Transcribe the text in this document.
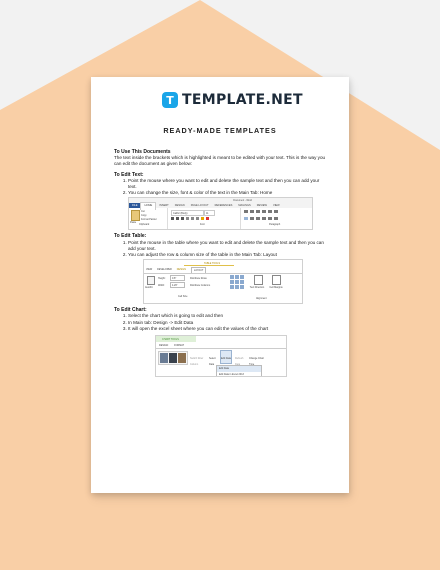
T TEMPLATE.NET
READY-MADE TEMPLATES

To Use This Documents

The text inside the brackets which is highlighted is meant to be edited with your text. This is the way you can edit the document as given below:

To Edit Text:

1. Point the mouse where you want to edit and delete the sample text and then you can add your text.
2. You can change the size, font & color of the text in the Main Tab: Home
Document - Word
FILE	HOME	INSERT	DESIGN	PAGE LAYOUT	REFERENCES	MAILINGS	REVIEW	VIEW
Paste
Cut
Copy
Format Painter
Clipboard
Calibri (Body)	11
Font	Paragraph

To Edit Table:

1. Point the mouse in the table where you want to edit and delete the sample text and then you can add your text.
2. You can adjust the row & column size of the table in the Main Tab: Layout
TABLE TOOLS
VIEW DEVELOPER DESIGN	LAYOUT
AutoFit
Height:	0.8"
Width:	4.26"
Distribute Rows
Distribute Columns
Cell Size
Text Direction	Cell Margins
Alignment

To Edit Chart:

1. Select the chart which is going to edit and then
2. In Main tab: Design -> Edit Data
3. It will open the excel sheet where you can edit the values of the chart
CHART TOOLS
DESIGN	FORMAT
Switch Row/ Column
Select Data
Edit Data Refresh	Change Chart
Edit Data
Edit Data in Excel 2013
